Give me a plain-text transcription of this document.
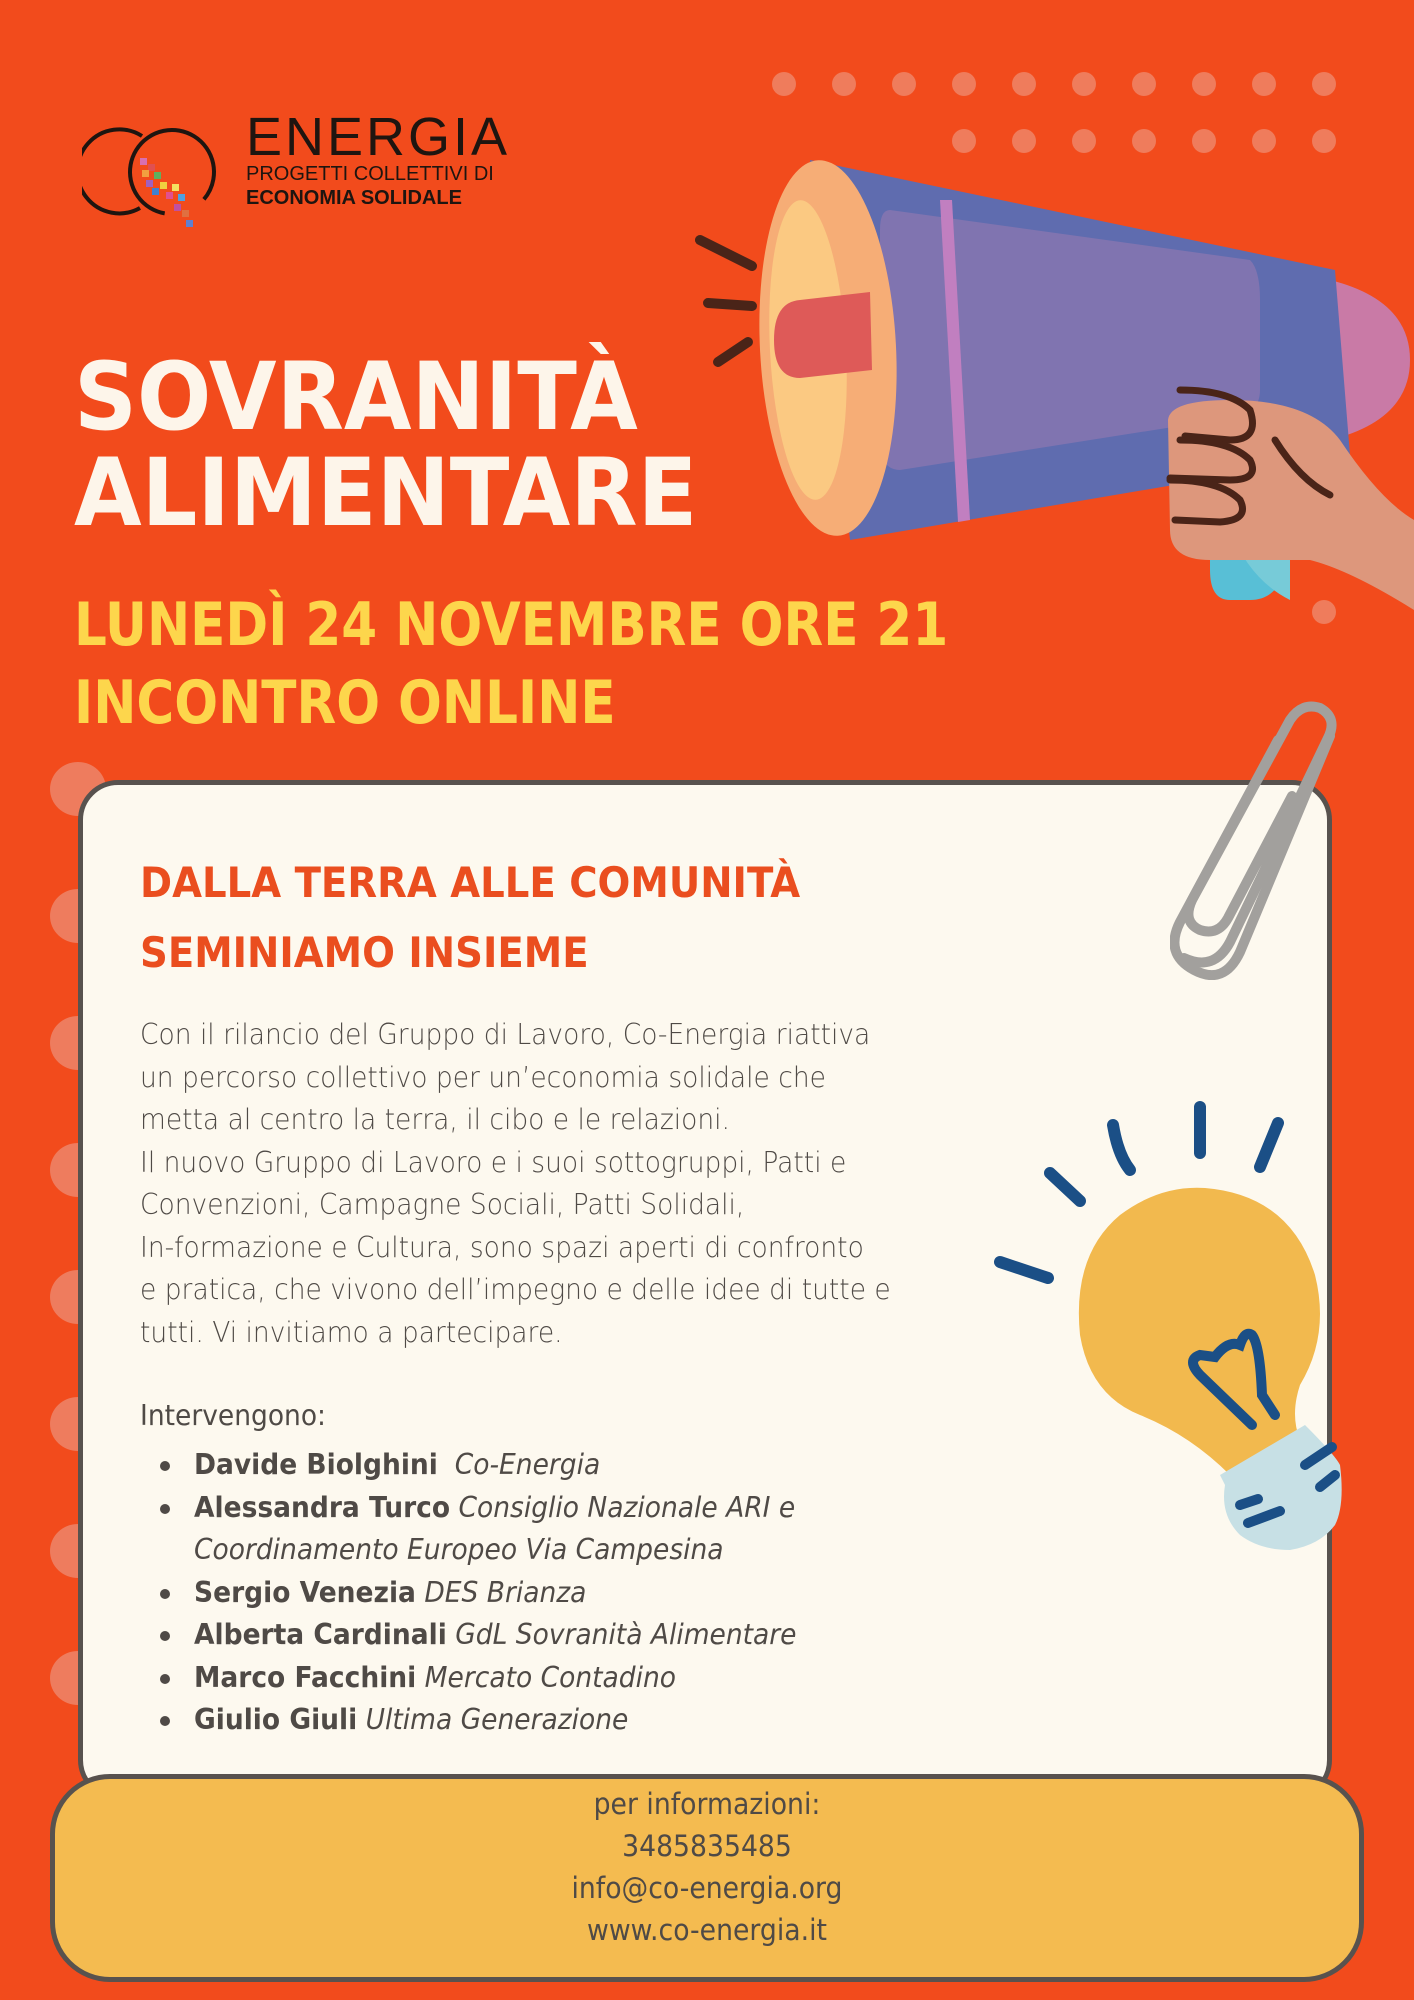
ENERGIA
PROGETTI COLLETTIVI DI
ECONOMIA SOLIDALE
SOVRANITÀ
ALIMENTARE
LUNEDÌ 24 NOVEMBRE ORE 21
INCONTRO ONLINE
DALLA TERRA ALLE COMUNITÀ
SEMINIAMO INSIEME

Con il rilancio del Gruppo di Lavoro, Co-Energia riattiva

un percorso collettivo per un’economia solidale che

metta al centro la terra, il cibo e le relazioni.

Il nuovo Gruppo di Lavoro e i suoi sottogruppi, Patti e

Convenzioni, Campagne Sociali, Patti Solidali,

In-formazione e Cultura, sono spazi aperti di confronto

e pratica, che vivono dell’impegno e delle idee di tutte e

tutti. Vi invitiamo a partecipare.

Intervengono:
Davide Biolghini Co-Energia
Alessandra Turco Consiglio Nazionale ARI e
Coordinamento Europeo Via Campesina
Sergio Venezia DES Brianza
Alberta Cardinali GdL Sovranità Alimentare
Marco Facchini Mercato Contadino
Giulio Giuli Ultima Generazione
per informazioni:
3485835485
info@co-energia.org
www.co-energia.it
